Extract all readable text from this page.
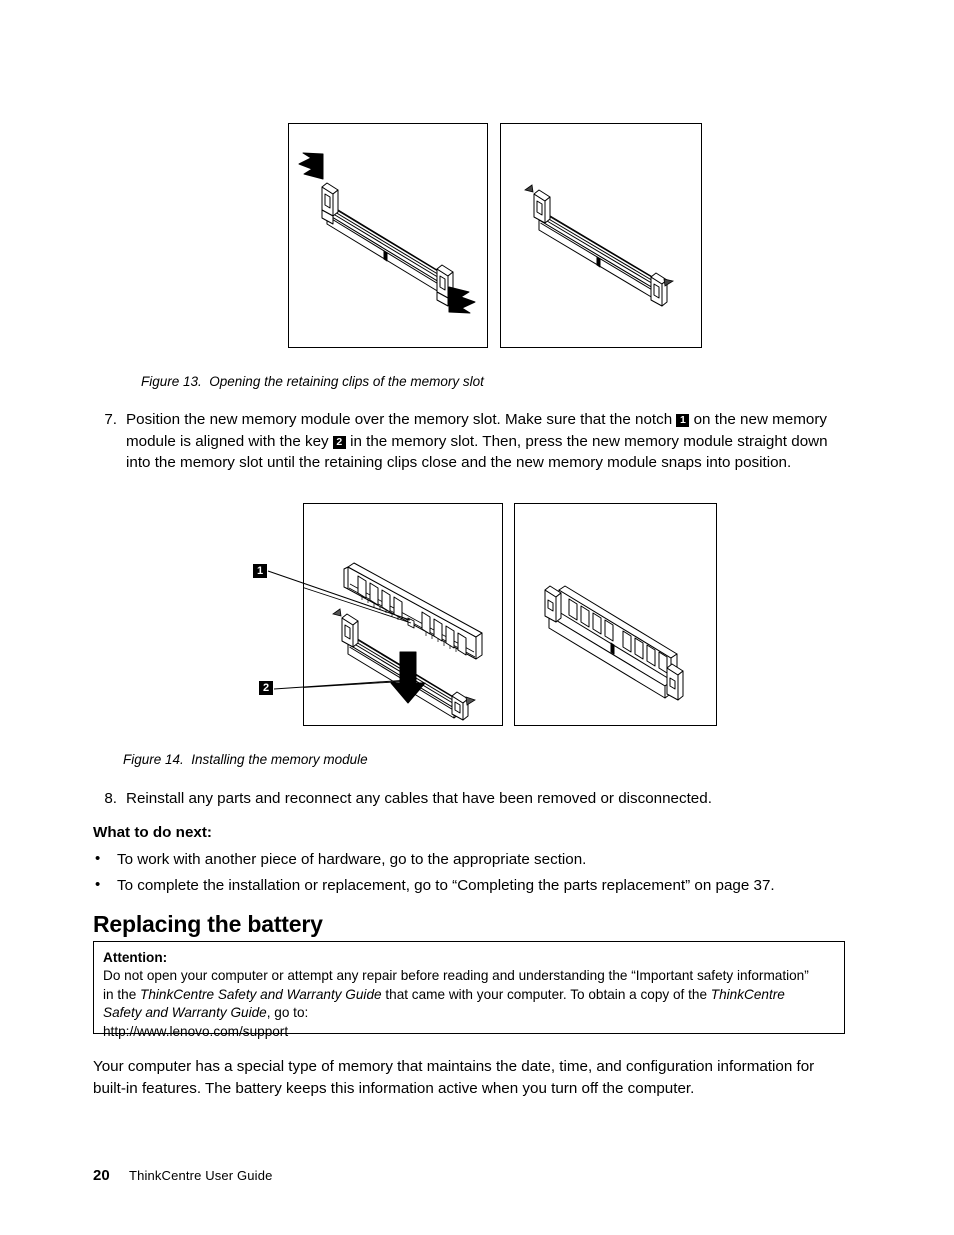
Figure 13.  Opening the retaining clips of the memory slot
7. Position the new memory module over the memory slot. Make sure that the notch 1 on the new memory module is aligned with the key 2 in the memory slot. Then, press the new memory module straight down into the memory slot until the retaining clips close and the new memory module snaps into position.
1
2
Figure 14.  Installing the memory module
8. Reinstall any parts and reconnect any cables that have been removed or disconnected.
What to do next:
• To work with another piece of hardware, go to the appropriate section.
• To complete the installation or replacement, go to “Completing the parts replacement” on page 37.
Replacing the battery
Attention:
Do not open your computer or attempt any repair before reading and understanding the “Important safety information”
in the ThinkCentre Safety and Warranty Guide that came with your computer. To obtain a copy of the ThinkCentre
Safety and Warranty Guide, go to:
http://www.lenovo.com/support
Your computer has a special type of memory that maintains the date, time, and configuration information for built-in features. The battery keeps this information active when you turn off the computer.
20	ThinkCentre User Guide
